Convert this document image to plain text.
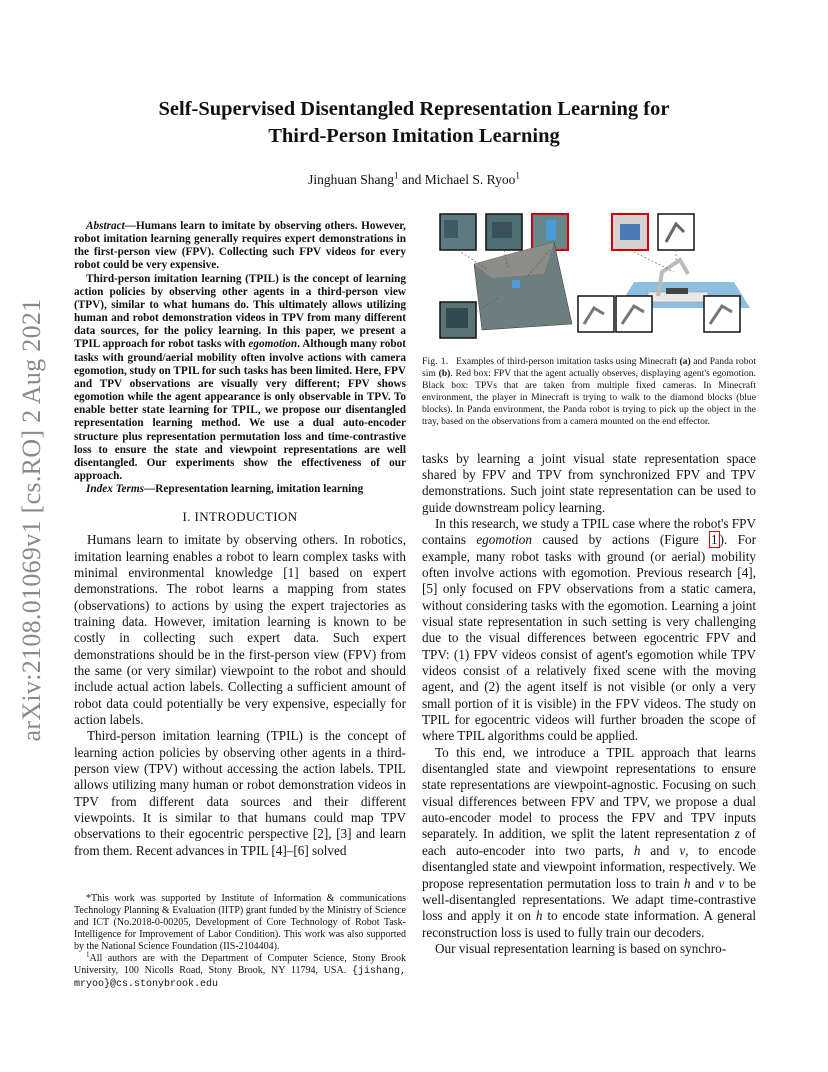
arXiv:2108.01069v1 [cs.RO] 2 Aug 2021
Self-Supervised Disentangled Representation Learning for
Third-Person Imitation Learning
Jinghuan Shang$^1$ and Michael S. Ryoo$^1$

Abstract—Humans learn to imitate by observing others. However, robot imitation learning generally requires expert demonstrations in the first-person view (FPV). Collecting such FPV videos for every robot could be very expensive.

Third-person imitation learning (TPIL) is the concept of learning action policies by observing other agents in a third-person view (TPV), similar to what humans do. This ultimately allows utilizing human and robot demonstration videos in TPV from many different data sources, for the policy learning. In this paper, we present a TPIL approach for robot tasks with egomotion. Although many robot tasks with ground/aerial mobility often involve actions with camera egomotion, study on TPIL for such tasks has been limited. Here, FPV and TPV observations are visually very different; FPV shows egomotion while the agent appearance is only observable in TPV. To enable better state learning for TPIL, we propose our disentangled representation learning method. We use a dual auto-encoder structure plus representation permutation loss and time-contrastive loss to ensure the state and viewpoint representations are well disentangled. Our experiments show the effectiveness of our approach.

Index Terms—Representation learning, imitation learning

I. INTRODUCTION

Humans learn to imitate by observing others. In robotics, imitation learning enables a robot to learn complex tasks with minimal environmental knowledge [1] based on expert demonstrations. The robot learns a mapping from states (observations) to actions by using the expert trajectories as training data. However, imitation learning is known to be costly in collecting such expert data. Such expert demonstrations should be in the first-person view (FPV) from the same (or very similar) viewpoint to the robot and should include actual action labels. Collecting a sufficient amount of robot data could potentially be very expensive, especially for action labels.

Third-person imitation learning (TPIL) is the concept of learning action policies by observing other agents in a third-person view (TPV) without accessing the action labels. TPIL allows utilizing many human or robot demonstration videos in TPV from different data sources and their different viewpoints. It is similar to that humans could map TPV observations to their egocentric perspective [2], [3] and learn from them. Recent advances in TPIL [4]–[6] solved

*This work was supported by Institute of Information & communications Technology Planning & Evaluation (IITP) grant funded by the Ministry of Science and ICT (No.2018-0-00205, Development of Core Technology of Robot Task-Intelligence for Improvement of Labor Condition). This work was also supported by the National Science Foundation (IIS-2104404).

$^1$All authors are with the Department of Computer Science, Stony Brook University, 100 Nicolls Road, Stony Brook, NY 11794, USA. {jishang, mryoo}@cs.stonybrook.edu

Fig. 1. Examples of third-person imitation tasks using Minecraft (a) and Panda robot sim (b). Red box: FPV that the agent actually observes, displaying agent's egomotion. Black box: TPVs that are taken from multiple fixed cameras. In Minecraft environment, the player in Minecraft is trying to walk to the diamond blocks (blue blocks). In Panda environment, the Panda robot is trying to pick up the object in the tray, based on the observations from a camera mounted on the end effector.

tasks by learning a joint visual state representation space shared by FPV and TPV from synchronized FPV and TPV demonstrations. Such joint state representation can be used to guide downstream policy learning.

In this research, we study a TPIL case where the robot's FPV contains egomotion caused by actions (Figure 1 ). For example, many robot tasks with ground (or aerial) mobility often involve actions with egomotion. Previous research [4], [5] only focused on FPV observations from a static camera, without considering tasks with the egomotion. Learning a joint visual state representation in such setting is very challenging due to the visual differences between egocentric FPV and TPV: (1) FPV videos consist of agent's egomotion while TPV videos consist of a relatively fixed scene with the moving agent, and (2) the agent itself is not visible (or only a very small portion of it is visible) in the FPV videos. The study on TPIL for egocentric videos will further broaden the scope of where TPIL algorithms could be applied.

To this end, we introduce a TPIL approach that learns disentangled state and viewpoint representations to ensure state representations are viewpoint-agnostic. Focusing on such visual differences between FPV and TPV, we propose a dual auto-encoder model to process the FPV and TPV inputs separately. In addition, we split the latent representation z of each auto-encoder into two parts, h and v, to encode disentangled state and viewpoint information, respectively. We propose representation permutation loss to train h and v to be well-disentangled representations. We adapt time-contrastive loss and apply it on h to encode state information. A general reconstruction loss is used to fully train our decoders.

Our visual representation learning is based on synchro-
